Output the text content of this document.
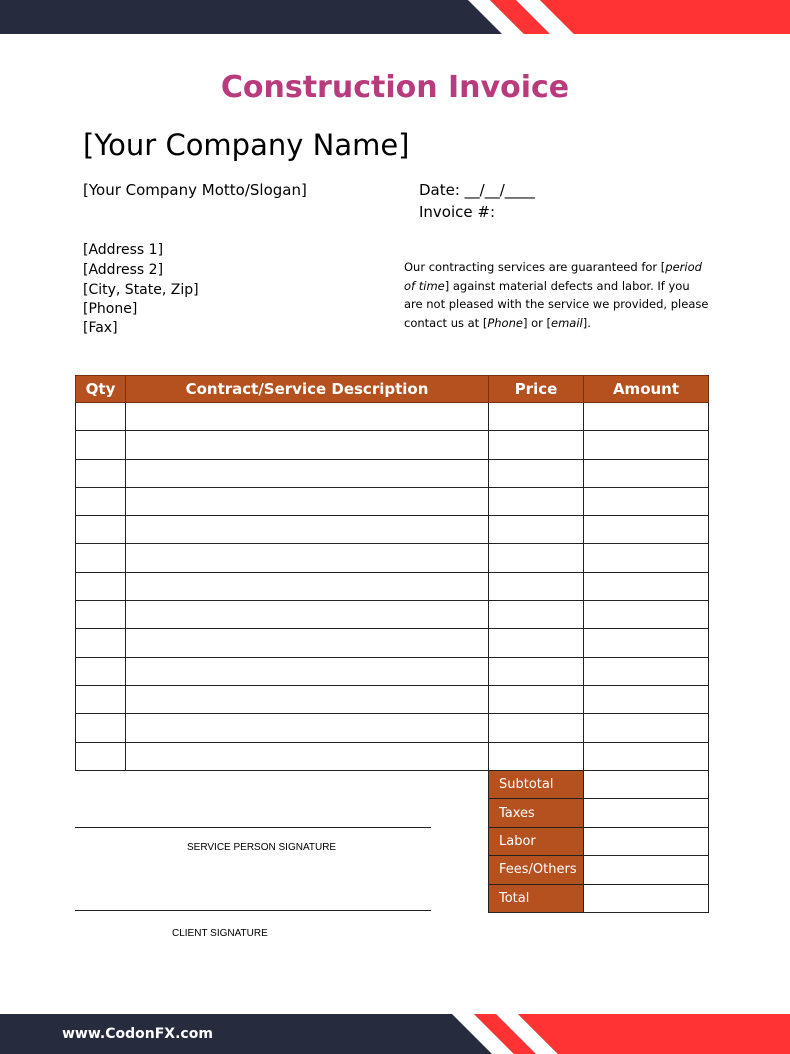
Construction Invoice
[Your Company Name]
[Your Company Motto/Slogan]	Date: __/__/____
Invoice #:
[Address 1]
[Address 2]
[City, State, Zip]
[Phone]
[Fax]
Our contracting services are guaranteed for [period of time] against material defects and labor. If you are not pleased with the service we provided, please contact us at [Phone] or [email].
Qty	Contract/Service Description	Price	Amount

Subtotal	
Taxes	
Labor	
Fees/Others	
Total	
SERVICE PERSON SIGNATURE
CLIENT SIGNATURE
www.CodonFX.com
